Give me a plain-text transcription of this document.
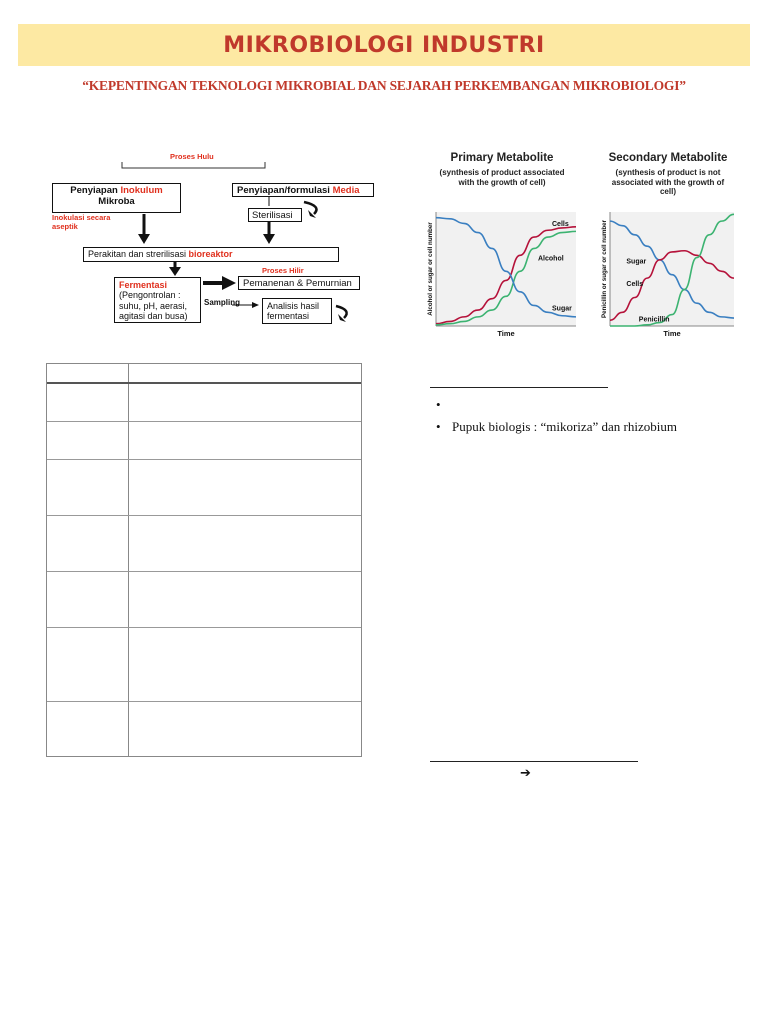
MIKROBIOLOGI INDUSTRI
“KEPENTINGAN TEKNOLOGI MIKROBIAL DAN SEJARAH PERKEMBANGAN MIKROBIOLOGI”
Proses Hulu
Penyiapan Inokulum
Mikroba
Penyiapan/formulasi Media
Inokulasi secara aseptik
Sterilisasi
Perakitan dan strerilisasi bioreaktor
Proses Hilir
Fermentasi
(Pengontrolan : suhu, pH, aerasi, agitasi dan busa)
Pemanenan & Pemurnian
Sampling	Analisis hasil fermentasi
Primary Metabolite
(synthesis of product associated with the growth of cell)
Cells
Alcohol
Sugar
Time
Alcohol or sugar or cell number
Secondary Metabolite
(synthesis of product is not associated with the growth of cell)
Sugar
Cells
Penicillin
Time
Penicillin or sugar or cell number
•
• Pupuk biologis : “mikoriza” dan rhizobium
➔
